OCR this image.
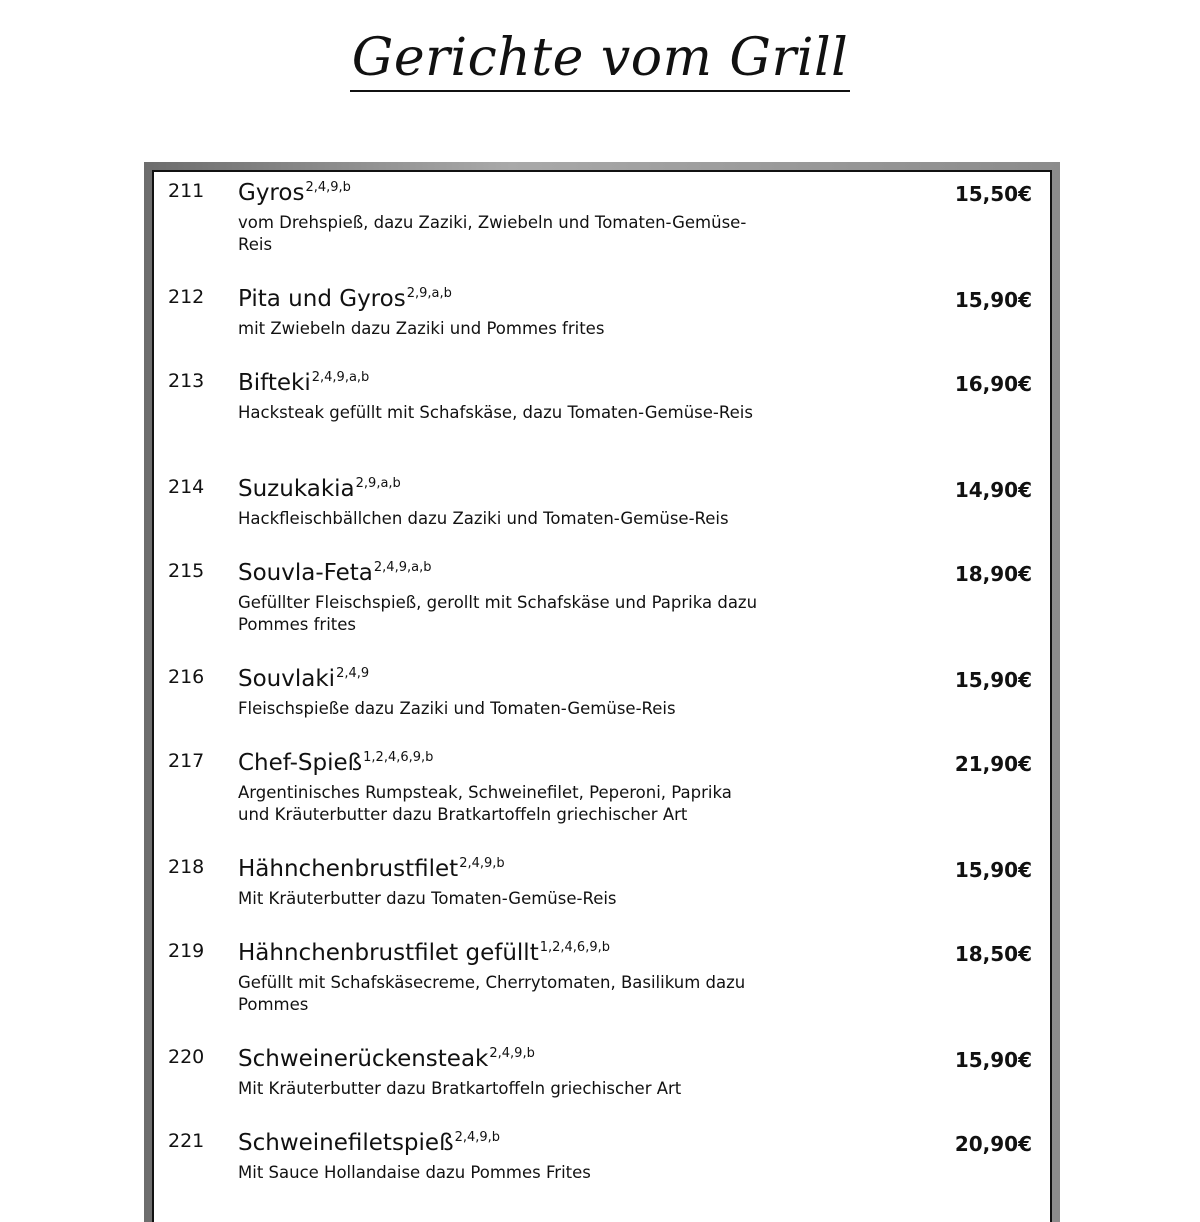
Gerichte vom Grill
211 Gyros$^{2,4,9,b}$
vom Drehspieß, dazu Zaziki, Zwiebeln und Tomaten-Gemüse-Reis
15,50€
212 Pita und Gyros$^{2,9,a,b}$
mit Zwiebeln dazu Zaziki und Pommes frites
15,90€
213 Bifteki$^{2,4,9,a,b}$
Hacksteak gefüllt mit Schafskäse, dazu Tomaten-Gemüse-Reis
16,90€
214 Suzukakia$^{2,9,a,b}$
Hackfleischbällchen dazu Zaziki und Tomaten-Gemüse-Reis
14,90€
215 Souvla-Feta$^{2,4,9,a,b}$
Gefüllter Fleischspieß, gerollt mit Schafskäse und Paprika dazu Pommes frites
18,90€
216 Souvlaki$^{2,4,9}$
Fleischspieße dazu Zaziki und Tomaten-Gemüse-Reis
15,90€
217 Chef-Spieß$^{1,2,4,6,9,b}$
Argentinisches Rumpsteak, Schweinefilet, Peperoni, Paprika und Kräuterbutter dazu Bratkartoffeln griechischer Art
21,90€
218 Hähnchenbrustfilet$^{2,4,9,b}$
Mit Kräuterbutter dazu Tomaten-Gemüse-Reis
15,90€
219 Hähnchenbrustfilet gefüllt$^{1,2,4,6,9,b}$
Gefüllt mit Schafskäsecreme, Cherrytomaten, Basilikum dazu Pommes
18,50€
220 Schweinerückensteak$^{2,4,9,b}$
Mit Kräuterbutter dazu Bratkartoffeln griechischer Art
15,90€
221 Schweinefiletspieß$^{2,4,9,b}$
Mit Sauce Hollandaise dazu Pommes Frites
20,90€
